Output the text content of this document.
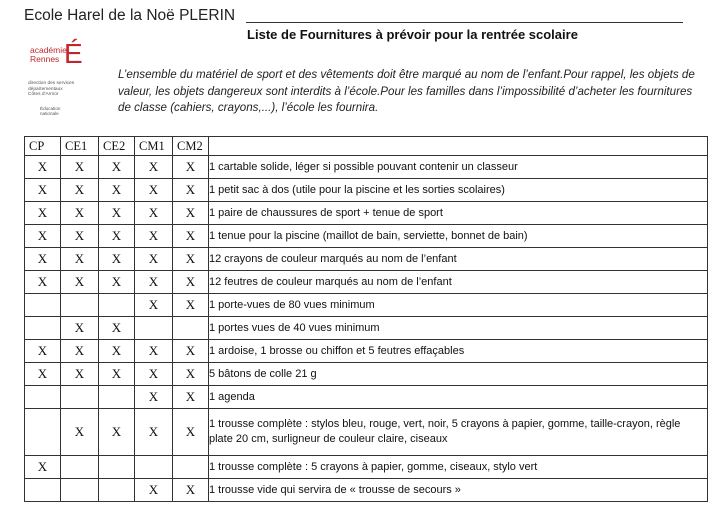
Ecole Harel de la Noë PLERIN
Liste de Fournitures à prévoir pour la rentrée scolaire
académie
Rennes É
direction des services
départementaux
Côtes d'Armor
Éducation
nationale
L’ensemble du matériel de sport et des vêtements doit être marqué au nom de l’enfant.Pour rappel, les objets de valeur, les objets dangereux sont interdits à l’école.Pour les familles dans l’impossibilité d’acheter les fournitures de classe (cahiers, crayons,...), l’école les fournira.
CP	CE1	CE2	CM1	CM2	
X	X	X	X	X	1 cartable solide, léger si possible pouvant contenir un classeur
X	X	X	X	X	1 petit sac à dos (utile pour la piscine et les sorties scolaires)
X	X	X	X	X	1 paire de chaussures de sport + tenue de sport
X	X	X	X	X	1 tenue pour la piscine (maillot de bain, serviette, bonnet de bain)
X	X	X	X	X	12 crayons de couleur marqués au nom de l’enfant
X	X	X	X	X	12 feutres de couleur marqués au nom de l’enfant
			X	X	1 porte-vues de 80 vues minimum
	X	X			1 portes vues de 40 vues minimum
X	X	X	X	X	1 ardoise, 1 brosse ou chiffon et 5 feutres effaçables
X	X	X	X	X	5 bâtons de colle 21 g
			X	X	1 agenda
	X	X	X	X	1 trousse complète : stylos bleu, rouge, vert, noir, 5 crayons à papier, gomme, taille-crayon, règle plate 20 cm, surligneur de couleur claire, ciseaux
X					1 trousse complète : 5 crayons à papier, gomme, ciseaux, stylo vert
			X	X	1 trousse vide qui servira de « trousse de secours »
